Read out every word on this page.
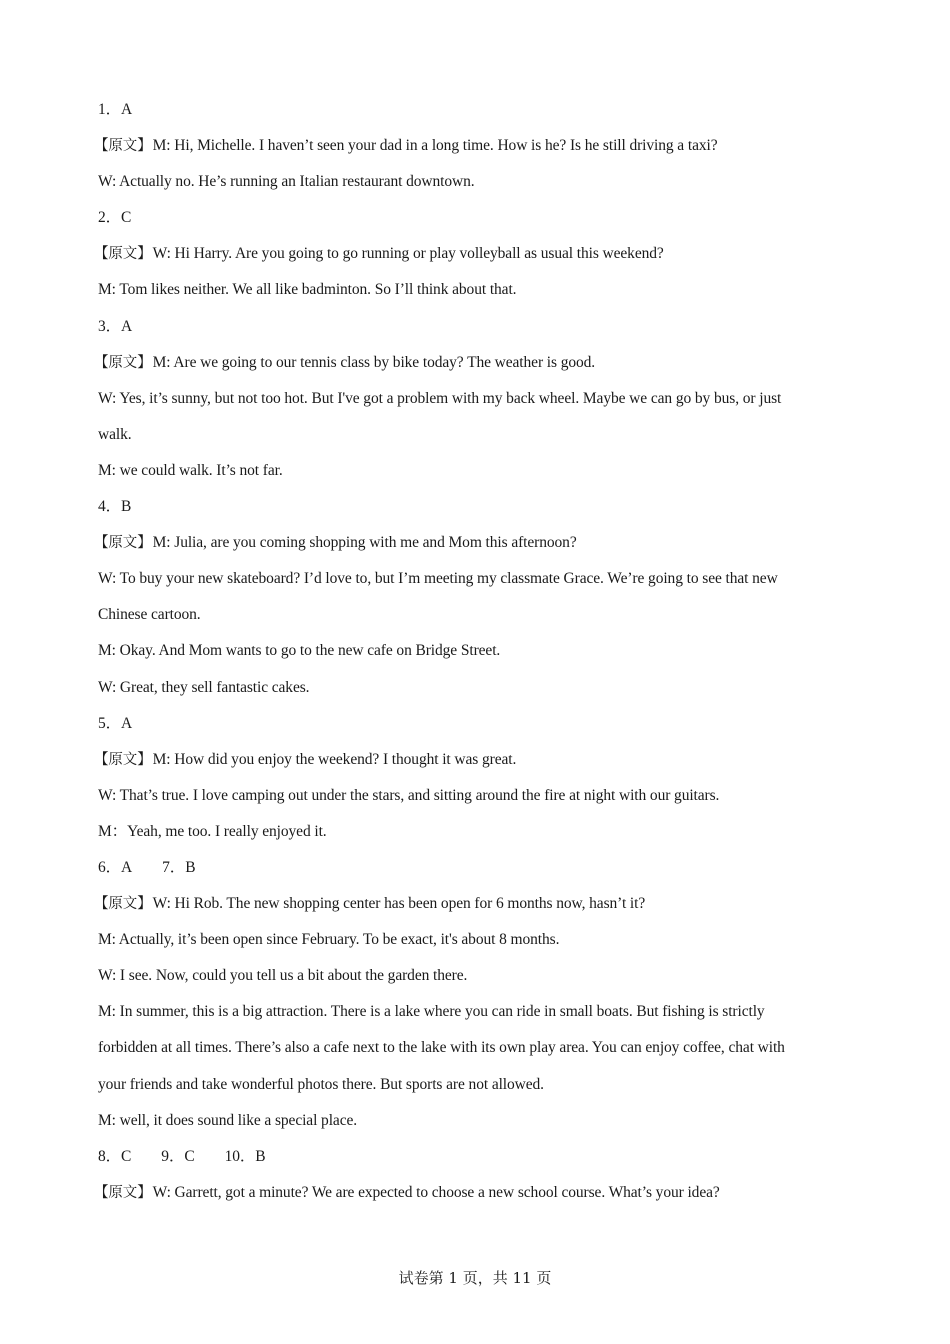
1．A
【原文】M: Hi, Michelle. I haven’t seen your dad in a long time. How is he? Is he still driving a taxi?
W: Actually no. He’s running an Italian restaurant downtown.
2．C
【原文】W: Hi Harry. Are you going to go running or play volleyball as usual this weekend?
M: Tom likes neither. We all like badminton. So I’ll think about that.
3．A
【原文】M: Are we going to our tennis class by bike today? The weather is good.
W: Yes, it’s sunny, but not too hot. But I've got a problem with my back wheel. Maybe we can go by bus, or just
walk.
M: we could walk. It’s not far.
4．B
【原文】M: Julia, are you coming shopping with me and Mom this afternoon?
W: To buy your new skateboard? I’d love to, but I’m meeting my classmate Grace. We’re going to see that new
Chinese cartoon.
M: Okay. And Mom wants to go to the new cafe on Bridge Street.
W: Great, they sell fantastic cakes.
5．A
【原文】M: How did you enjoy the weekend? I thought it was great.
W: That’s true. I love camping out under the stars, and sitting around the fire at night with our guitars.
M：Yeah, me too. I really enjoyed it.
6．A 7．B
【原文】W: Hi Rob. The new shopping center has been open for 6 months now, hasn’t it?
M: Actually, it’s been open since February. To be exact, it's about 8 months.
W: I see. Now, could you tell us a bit about the garden there.
M: In summer, this is a big attraction. There is a lake where you can ride in small boats. But fishing is strictly
forbidden at all times. There’s also a cafe next to the lake with its own play area. You can enjoy coffee, chat with
your friends and take wonderful photos there. But sports are not allowed.
M: well, it does sound like a special place.
8．C 9．C 10．B
【原文】W: Garrett, got a minute? We are expected to choose a new school course. What’s your idea?
试卷第 1 页，共 11 页
